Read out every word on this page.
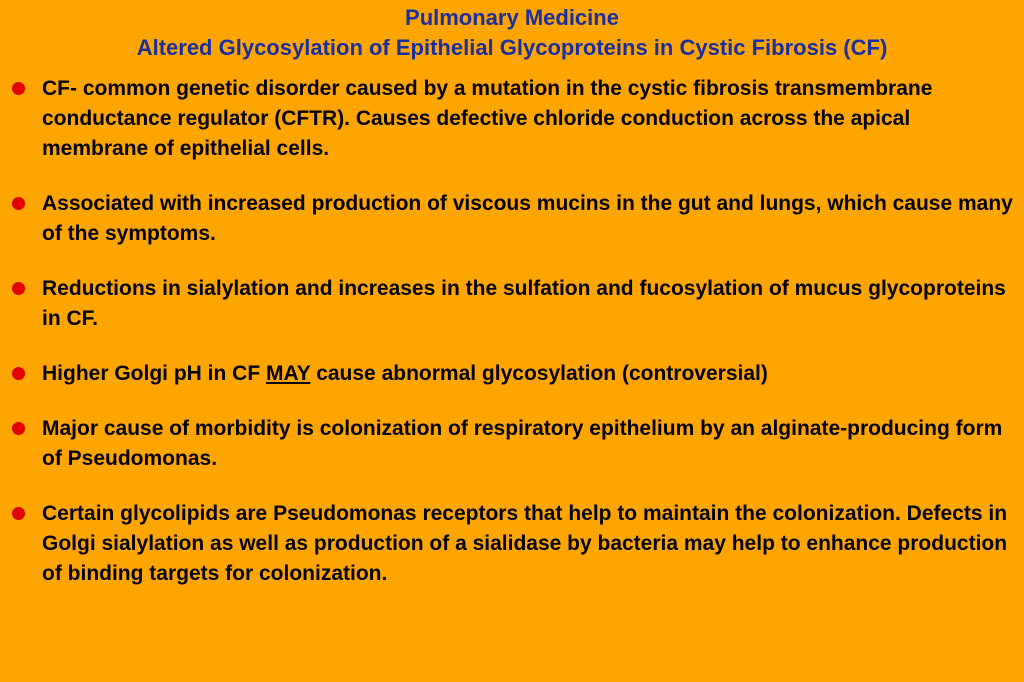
Pulmonary Medicine
Altered Glycosylation of Epithelial Glycoproteins in Cystic Fibrosis (CF)
CF- common genetic disorder caused by a mutation in the cystic fibrosis transmembrane conductance regulator (CFTR). Causes defective chloride conduction across the apical membrane of epithelial cells.
Associated with increased production of viscous mucins in the gut and lungs, which cause many of the symptoms.
Reductions in sialylation and increases in the sulfation and fucosylation of mucus glycoproteins in CF.
Higher Golgi pH in CF MAY cause abnormal glycosylation (controversial)
Major cause of morbidity is colonization of respiratory epithelium by an alginate-producing form of Pseudomonas.
Certain glycolipids are Pseudomonas receptors that help to maintain the colonization. Defects in Golgi sialylation as well as production of a sialidase by bacteria may help to enhance production of binding targets for colonization.
